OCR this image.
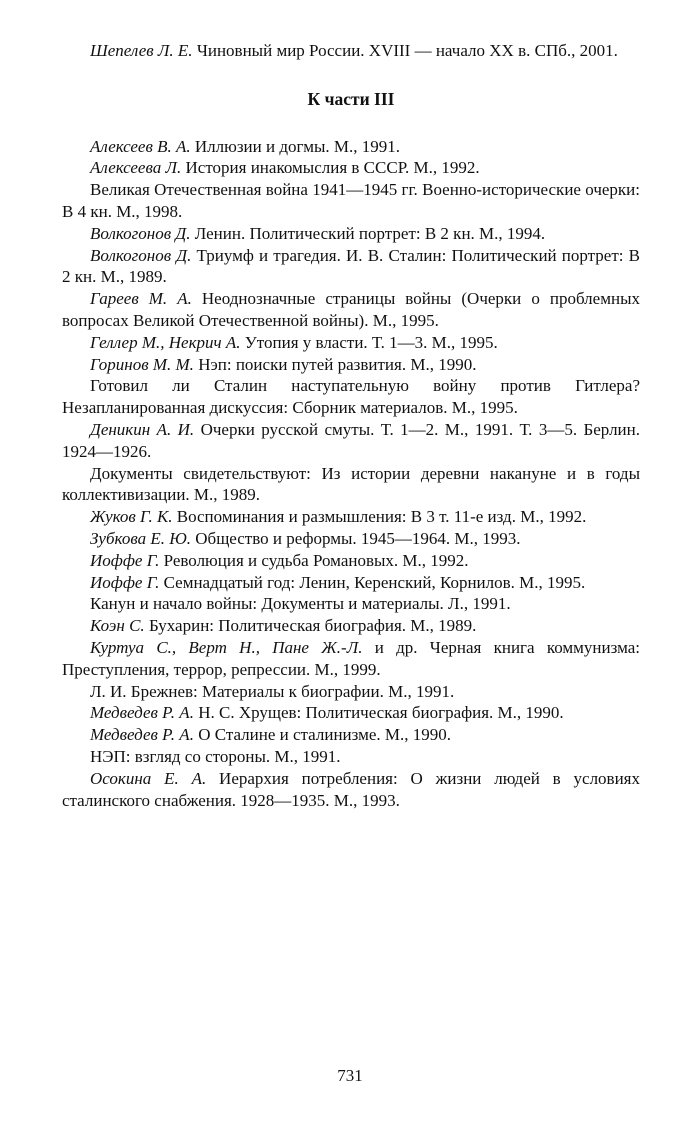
Шепелев Л. Е. Чиновный мир России. XVIII — начало XX в. СПб., 2001.

К части III

Алексеев В. А. Иллюзии и догмы. М., 1991.

Алексеева Л. История инакомыслия в СССР. М., 1992.

Великая Отечественная война 1941—1945 гг. Военно-исторические очерки: В 4 кн. М., 1998.

Волкогонов Д. Ленин. Политический портрет: В 2 кн. М., 1994.

Волкогонов Д. Триумф и трагедия. И. В. Сталин: Политический портрет: В 2 кн. М., 1989.

Гареев М. А. Неоднозначные страницы войны (Очерки о проблемных вопросах Великой Отечественной войны). М., 1995.

Геллер М., Некрич А. Утопия у власти. Т. 1—3. М., 1995.

Горинов М. М. Нэп: поиски путей развития. М., 1990.

Готовил ли Сталин наступательную войну против Гитлера? Незапланированная дискуссия: Сборник материалов. М., 1995.

Деникин А. И. Очерки русской смуты. Т. 1—2. М., 1991. Т. 3—5. Берлин. 1924—1926.

Документы свидетельствуют: Из истории деревни накануне и в годы коллективизации. М., 1989.

Жуков Г. К. Воспоминания и размышления: В 3 т. 11-е изд. М., 1992.

Зубкова Е. Ю. Общество и реформы. 1945—1964. М., 1993.

Иоффе Г. Революция и судьба Романовых. М., 1992.

Иоффе Г. Семнадцатый год: Ленин, Керенский, Корнилов. М., 1995.

Канун и начало войны: Документы и материалы. Л., 1991.

Коэн С. Бухарин: Политическая биография. М., 1989.

Куртуа С., Верт Н., Пане Ж.-Л. и др. Черная книга коммунизма: Преступления, террор, репрессии. М., 1999.

Л. И. Брежнев: Материалы к биографии. М., 1991.

Медведев Р. А. Н. С. Хрущев: Политическая биография. М., 1990.

Медведев Р. А. О Сталине и сталинизме. М., 1990.

НЭП: взгляд со стороны. М., 1991.

Осокина Е. А. Иерархия потребления: О жизни людей в условиях сталинского снабжения. 1928—1935. М., 1993.

731
